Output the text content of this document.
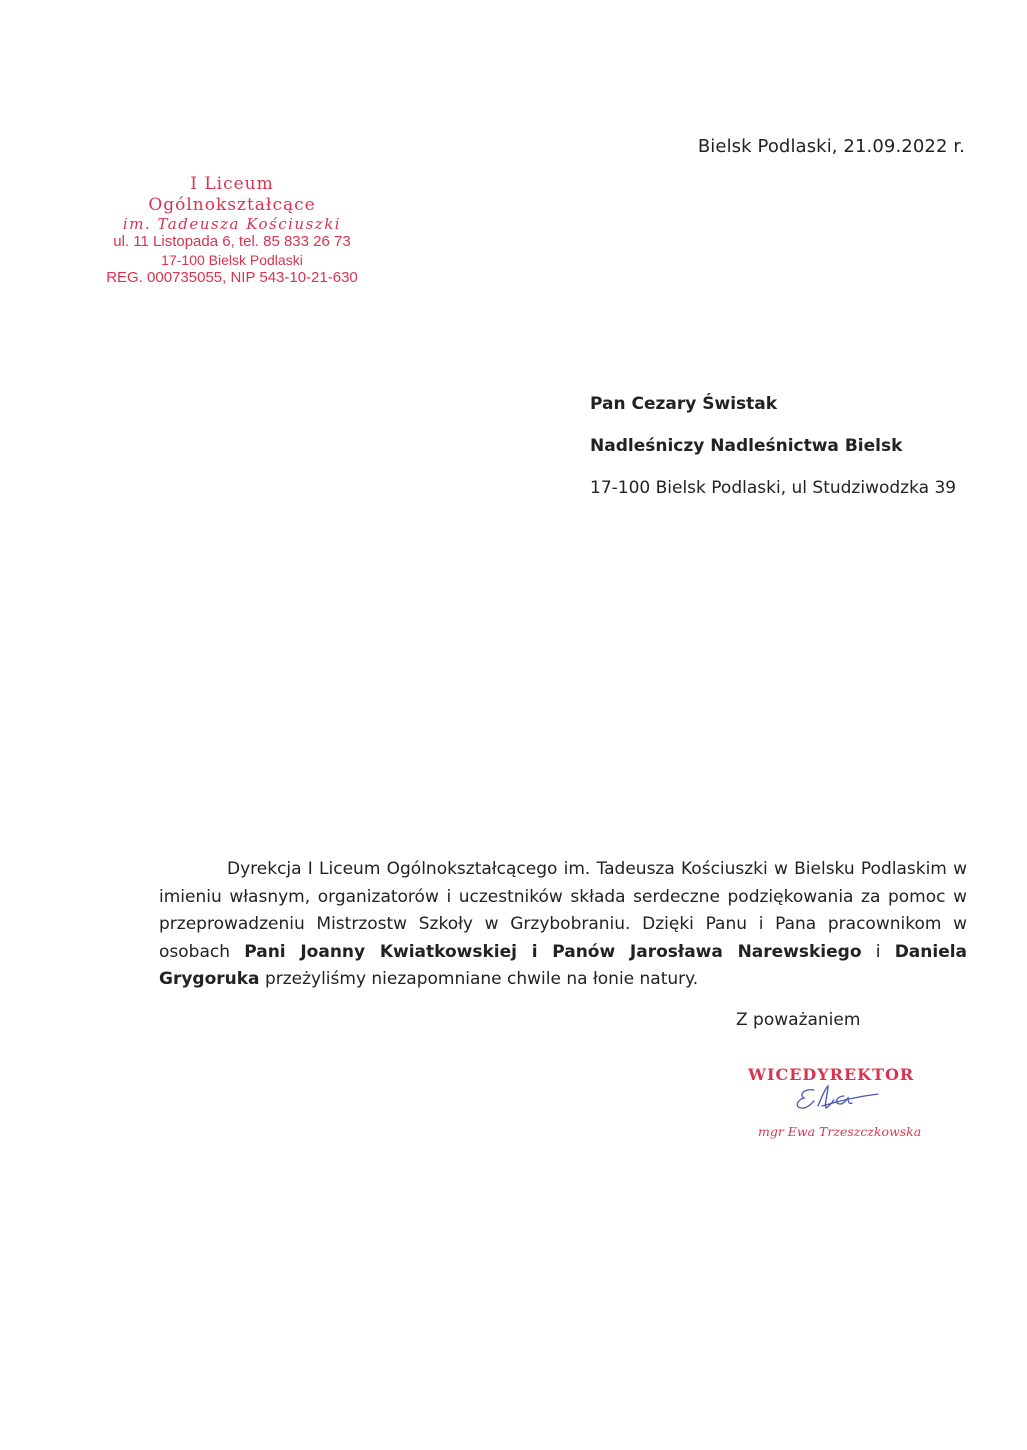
Bielsk Podlaski, 21.09.2022 r.
I Liceum Ogólnokształcące
im. Tadeusza Kościuszki
ul. 11 Listopada 6, tel. 85 833 26 73
17-100 Bielsk Podlaski
REG. 000735055, NIP 543-10-21-630
Pan Cezary Świstak
Nadleśniczy Nadleśnictwa Bielsk
17-100 Bielsk Podlaski, ul Studziwodzka 39
Dyrekcja I Liceum Ogólnokształcącego im. Tadeusza Kościuszki w Bielsku Podlaskim w imieniu własnym, organizatorów i uczestników składa serdeczne podziękowania za pomoc w przeprowadzeniu Mistrzostw Szkoły w Grzybobraniu. Dzięki Panu i Pana pracownikom w osobach Pani Joanny Kwiatkowskiej i Panów Jarosława Narewskiego i Daniela Grygoruka przeżyliśmy niezapomniane chwile na łonie natury.
Z poważaniem
WICEDYREKTOR
mgr Ewa Trzeszczkowska
